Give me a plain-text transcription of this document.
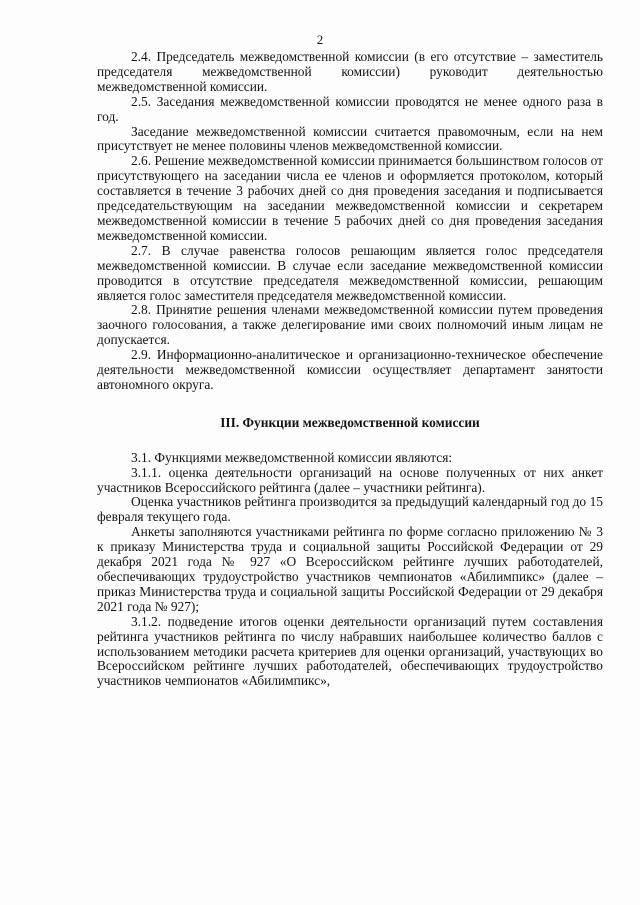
2

2.4. Председатель межведомственной комиссии (в его отсутствие – заместитель председателя межведомственной комиссии) руководит деятельностью межведомственной комиссии.

2.5. Заседания межведомственной комиссии проводятся не менее одного раза в год.

Заседание межведомственной комиссии считается правомочным, если на нем присутствует не менее половины членов межведомственной комиссии.

2.6. Решение межведомственной комиссии принимается большинством голосов от присутствующего на заседании числа ее членов и оформляется протоколом, который составляется в течение 3 рабочих дней со дня проведения заседания и подписывается председательствующим на заседании межведомственной комиссии и секретарем межведомственной комиссии в течение 5 рабочих дней со дня проведения заседания межведомственной комиссии.

2.7. В случае равенства голосов решающим является голос председателя межведомственной комиссии. В случае если заседание межведомственной комиссии проводится в отсутствие председателя межведомственной комиссии, решающим является голос заместителя председателя межведомственной комиссии.

2.8. Принятие решения членами межведомственной комиссии путем проведения заочного голосования, а также делегирование ими своих полномочий иным лицам не допускается.

2.9. Информационно-аналитическое и организационно-техническое обеспечение деятельности межведомственной комиссии осуществляет департамент занятости автономного округа.

III. Функции межведомственной комиссии

3.1. Функциями межведомственной комиссии являются:

3.1.1. оценка деятельности организаций на основе полученных от них анкет участников Всероссийского рейтинга (далее – участники рейтинга).

Оценка участников рейтинга производится за предыдущий календарный год до 15 февраля текущего года.

Анкеты заполняются участниками рейтинга по форме согласно приложению № 3 к приказу Министерства труда и социальной защиты Российской Федерации от 29 декабря 2021 года № 927 «О Всероссийском рейтинге лучших работодателей, обеспечивающих трудоустройство участников чемпионатов «Абилимпикс» (далее – приказ Министерства труда и социальной защиты Российской Федерации от 29 декабря 2021 года № 927);

3.1.2. подведение итогов оценки деятельности организаций путем составления рейтинга участников рейтинга по числу набравших наибольшее количество баллов с использованием методики расчета критериев для оценки организаций, участвующих во Всероссийском рейтинге лучших работодателей, обеспечивающих трудоустройство участников чемпионатов «Абилимпикс»,
